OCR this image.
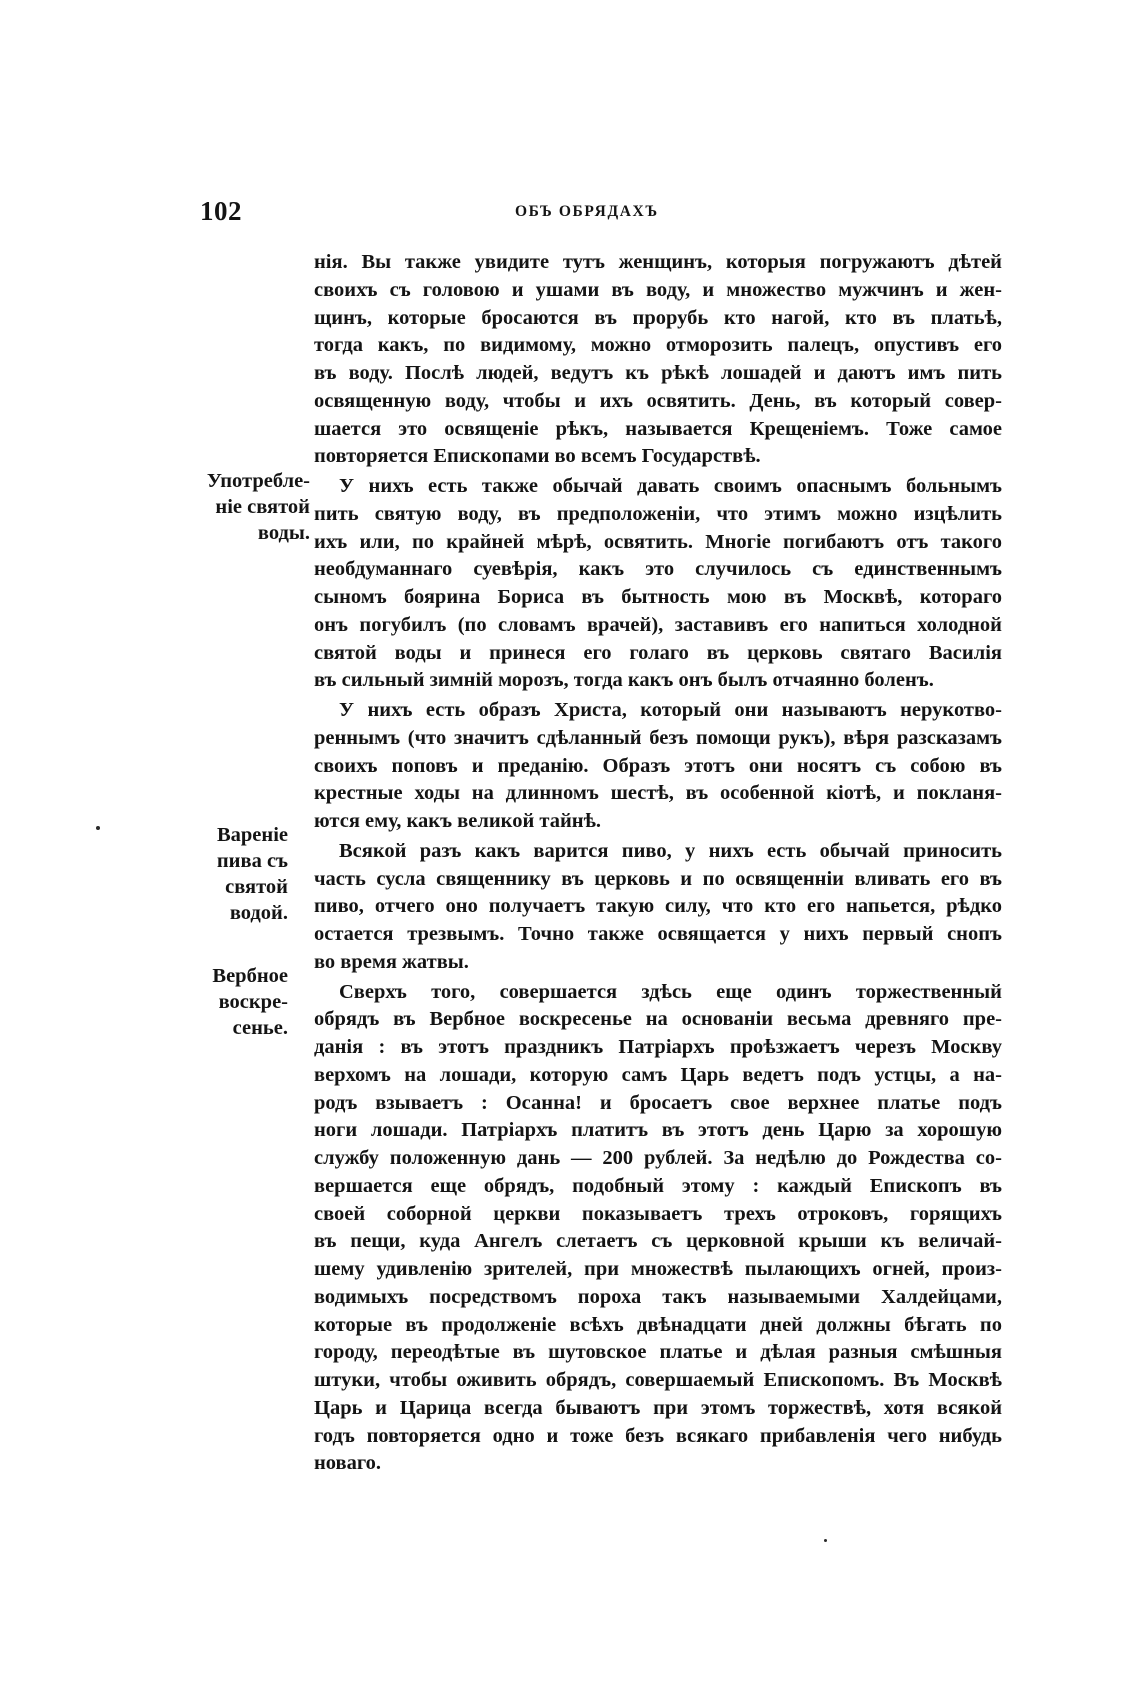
102	ОБЪ ОБРЯДАХЪ
Употребле-
ніе святой
воды.
Вареніе
пива съ
святой
водой.
Вербное
воскре-
сенье.
нія. Вы также увидите тутъ женщинъ, которыя погружаютъ дѣтей
своихъ съ головою и ушами въ воду, и множество мужчинъ и жен-
щинъ, которые бросаются въ прорубь кто нагой, кто въ платьѣ,
тогда какъ, по видимому, можно отморозить палецъ, опустивъ его
въ воду. Послѣ людей, ведутъ къ рѣкѣ лошадей и даютъ имъ пить
освященную воду, чтобы и ихъ освятить. День, въ который совер-
шается это освященіе рѣкъ, называется Крещеніемъ. Тоже самое
повторяется Епископами во всемъ Государствѣ.
У нихъ есть также обычай давать своимъ опаснымъ больнымъ
пить святую воду, въ предположеніи, что этимъ можно изцѣлить
ихъ или, по крайней мѣрѣ, освятить. Многіе погибаютъ отъ такого
необдуманнаго суевѣрія, какъ это случилось съ единственнымъ
сыномъ боярина Бориса въ бытность мою въ Москвѣ, котораго
онъ погубилъ (по словамъ врачей), заставивъ его напиться холодной
святой воды и принеся его голаго въ церковь святаго Василія
въ сильный зимній морозъ, тогда какъ онъ былъ отчаянно боленъ.
У нихъ есть образъ Христа, который они называютъ нерукотво-
реннымъ (что значитъ сдѣланный безъ помощи рукъ), вѣря разсказамъ
своихъ поповъ и преданію. Образъ этотъ они носятъ съ собою въ
крестные ходы на длинномъ шестѣ, въ особенной кіотѣ, и покланя-
ются ему, какъ великой тайнѣ.
Всякой разъ какъ варится пиво, у нихъ есть обычай приносить
часть сусла священнику въ церковь и по освященніи вливать его въ
пиво, отчего оно получаетъ такую силу, что кто его напьется, рѣдко
остается трезвымъ. Точно также освящается у нихъ первый снопъ
во время жатвы.
Сверхъ того, совершается здѣсь еще одинъ торжественный
обрядъ въ Вербное воскресенье на основаніи весьма древняго пре-
данія : въ этотъ праздникъ Патріархъ проѣзжаетъ черезъ Москву
верхомъ на лошади, которую самъ Царь ведетъ подъ устцы, а на-
родъ взываетъ : Осанна! и бросаетъ свое верхнее платье подъ
ноги лошади. Патріархъ платитъ въ этотъ день Царю за хорошую
службу положенную дань — 200 рублей. За недѣлю до Рождества со-
вершается еще обрядъ, подобный этому : каждый Епископъ въ
своей соборной церкви показываетъ трехъ отроковъ, горящихъ
въ пещи, куда Ангелъ слетаетъ съ церковной крыши къ величай-
шему удивленію зрителей, при множествѣ пылающихъ огней, произ-
водимыхъ посредствомъ пороха такъ называемыми Халдейцами,
которые въ продолженіе всѣхъ двѣнадцати дней должны бѣгать по
городу, переодѣтые въ шутовское платье и дѣлая разныя смѣшныя
штуки, чтобы оживить обрядъ, совершаемый Епископомъ. Въ Москвѣ
Царь и Царица всегда бываютъ при этомъ торжествѣ, хотя всякой
годъ повторяется одно и тоже безъ всякаго прибавленія чего нибудь
новаго.
